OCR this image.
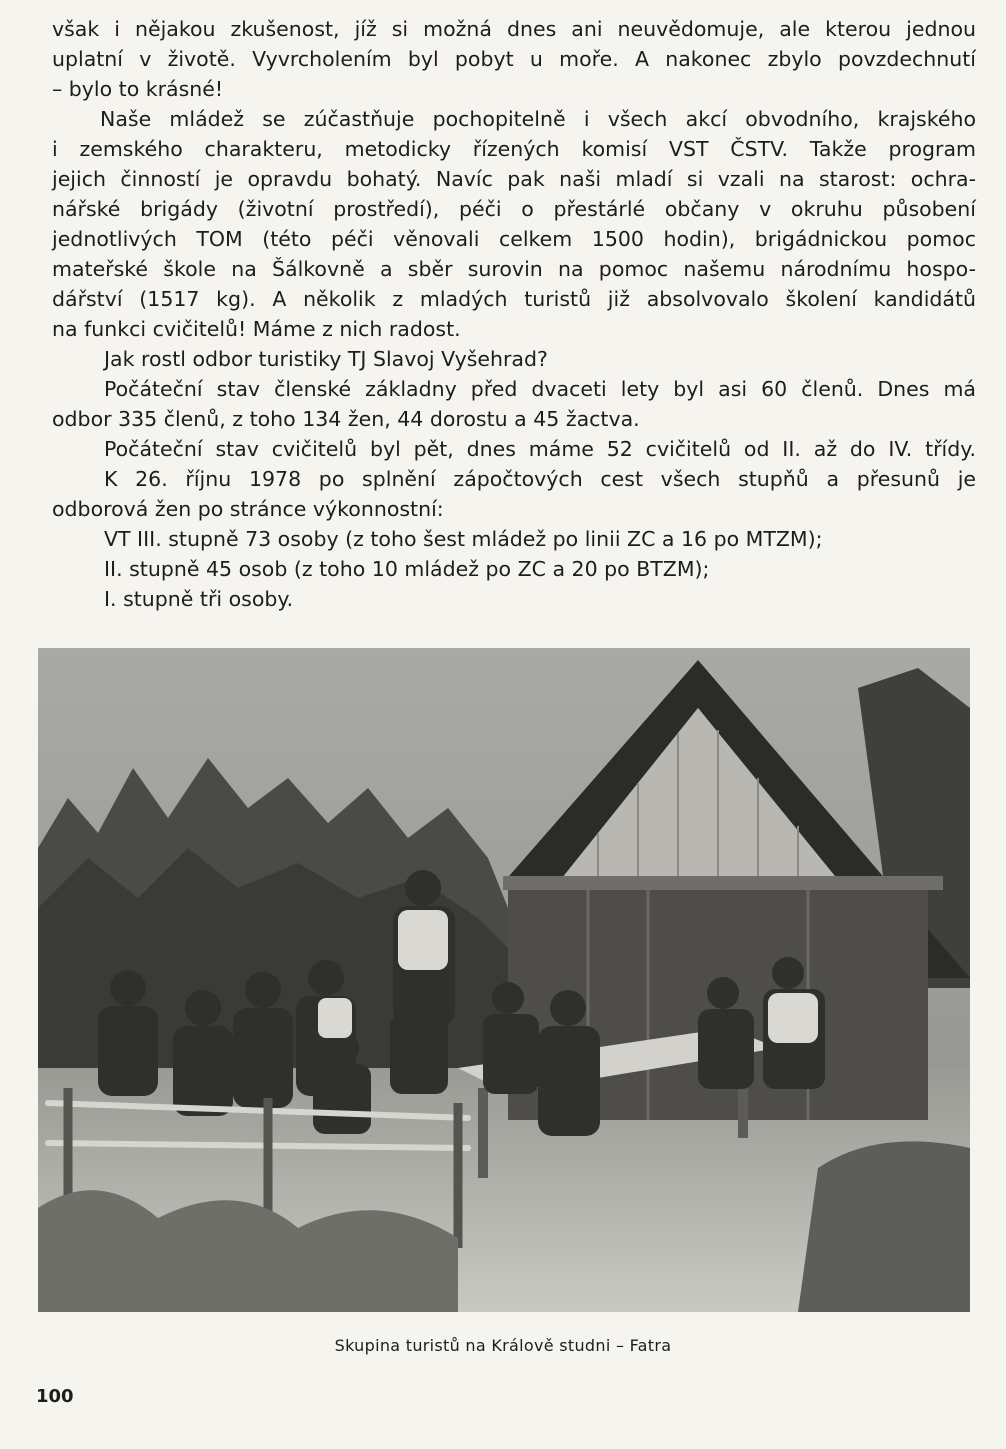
však i nějakou zkušenost, jíž si možná dnes ani neuvědomuje, ale kterou jednou
uplatní v životě. Vyvrcholením byl pobyt u moře. A nakonec zbylo povzdechnutí
– bylo to krásné!
Naše mládež se zúčastňuje pochopitelně i všech akcí obvodního, krajského
i zemského charakteru, metodicky řízených komisí VST ČSTV. Takže program
jejich činností je opravdu bohatý. Navíc pak naši mladí si vzali na starost: ochra-
nářské brigády (životní prostředí), péči o přestárlé občany v okruhu působení
jednotlivých TOM (této péči věnovali celkem 1500 hodin), brigádnickou pomoc
mateřské škole na Šálkovně a sběr surovin na pomoc našemu národnímu hospo-
dářství (1517 kg). A několik z mladých turistů již absolvovalo školení kandidátů
na funkci cvičitelů! Máme z nich radost.
Jak rostl odbor turistiky TJ Slavoj Vyšehrad?
Počáteční stav členské základny před dvaceti lety byl asi 60 členů. Dnes má
odbor 335 členů, z toho 134 žen, 44 dorostu a 45 žactva.
Počáteční stav cvičitelů byl pět, dnes máme 52 cvičitelů od II. až do IV. třídy.
K 26. říjnu 1978 po splnění zápočtových cest všech stupňů a přesunů je
odborová žen po stránce výkonnostní:
VT III. stupně 73 osoby (z toho šest mládež po linii ZC a 16 po MTZM);
II. stupně 45 osob (z toho 10 mládež po ZC a 20 po BTZM);
I. stupně tři osoby.
Skupina turistů na Králově studni – Fatra
100
